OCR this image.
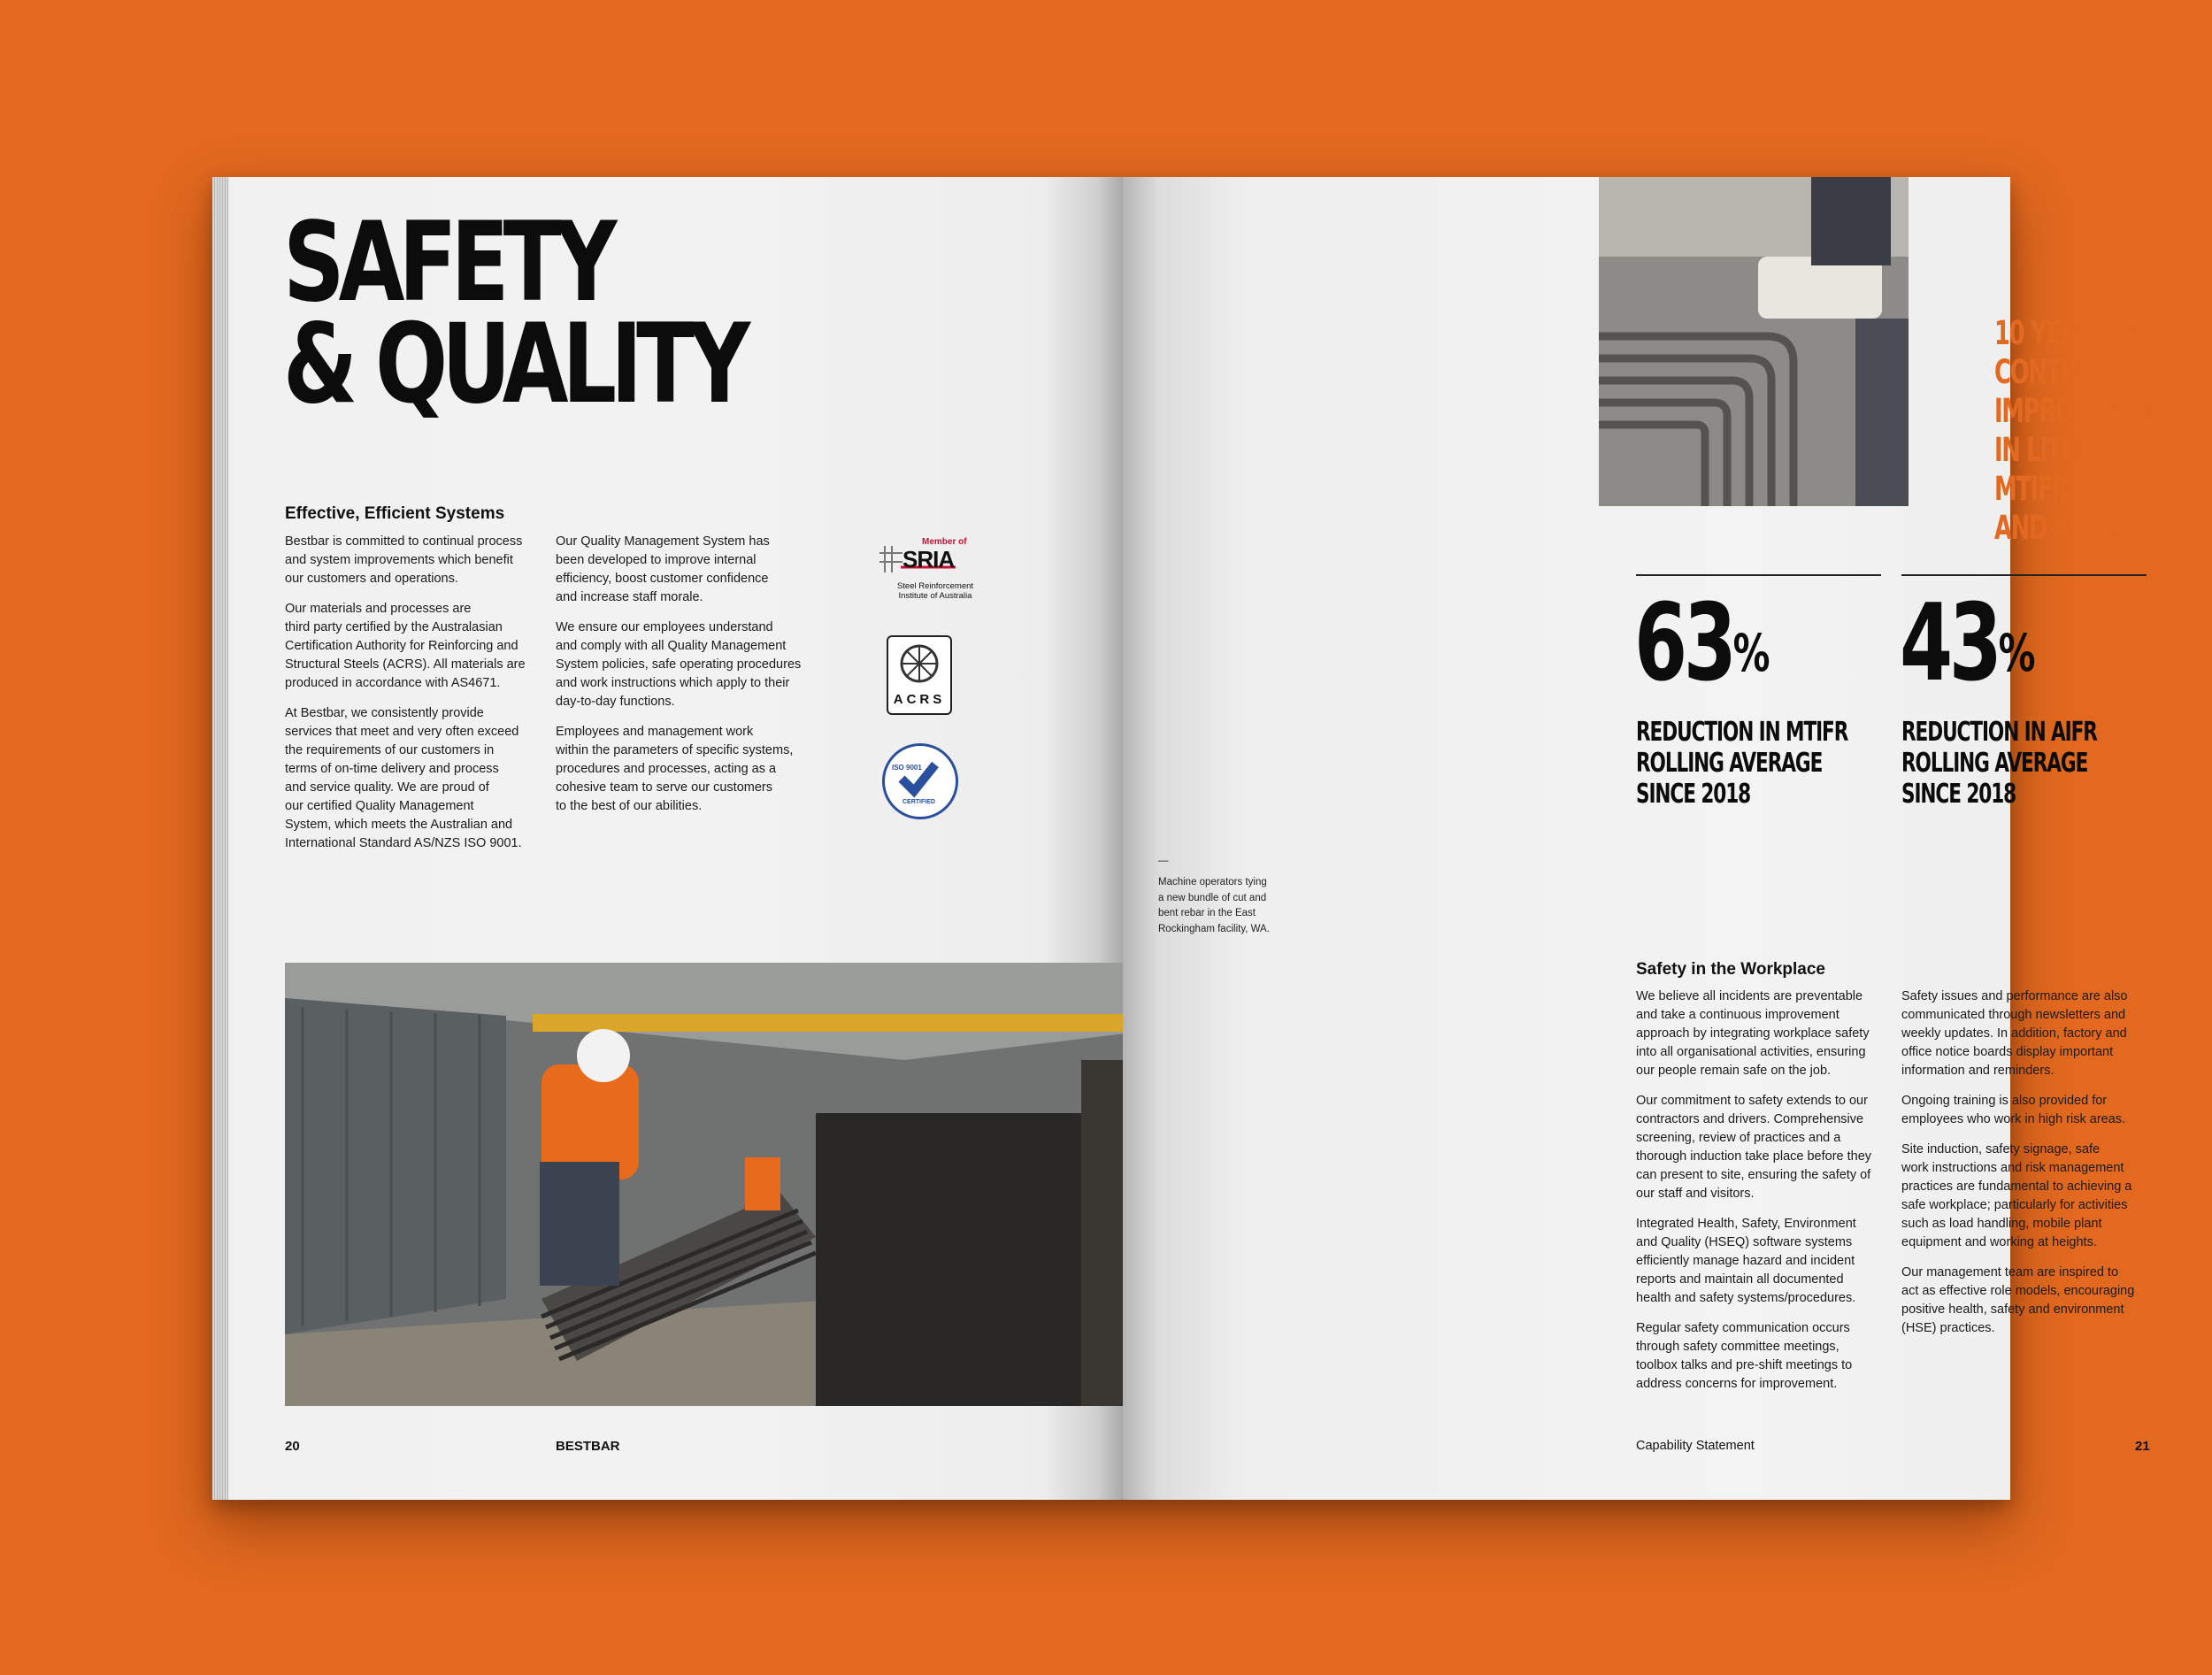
SAFETY
& QUALITY
Effective, Efficient Systems

Bestbar is committed to continual process
and system improvements which benefit
our customers and operations.

Our materials and processes are
third party certified by the Australasian
Certification Authority for Reinforcing and
Structural Steels (ACRS). All materials are
produced in accordance with AS4671.

At Bestbar, we consistently provide
services that meet and very often exceed
the requirements of our customers in
terms of on-time delivery and process
and service quality. We are proud of
our certified Quality Management
System, which meets the Australian and
International Standard AS/NZS ISO 9001.

Our Quality Management System has
been developed to improve internal
efficiency, boost customer confidence
and increase staff morale.

We ensure our employees understand
and comply with all Quality Management
System policies, safe operating procedures
and work instructions which apply to their
day-to-day functions.

Employees and management work
within the parameters of specific systems,
procedures and processes, acting as a
cohesive team to serve our customers
to the best of our abilities.

Member of
SRIA
Steel Reinforcement
Institute of Australia
ACRS
ISO 9001
CERTIFIED
20	BESTBAR
10 YEARS OF
CONTINUOUS
IMPROVEMENT
IN LITFR, MTIFR,
AND AIFR.
63%
REDUCTION IN MTIFR
ROLLING AVERAGE
SINCE 2018
43%
REDUCTION IN AIFR
ROLLING AVERAGE
SINCE 2018
—
Machine operators tying
a new bundle of cut and
bent rebar in the East
Rockingham facility, WA.
Safety in the Workplace

We believe all incidents are preventable
and take a continuous improvement
approach by integrating workplace safety
into all organisational activities, ensuring
our people remain safe on the job.

Our commitment to safety extends to our
contractors and drivers. Comprehensive
screening, review of practices and a
thorough induction take place before they
can present to site, ensuring the safety of
our staff and visitors.

Integrated Health, Safety, Environment
and Quality (HSEQ) software systems
efficiently manage hazard and incident
reports and maintain all documented
health and safety systems/procedures.

Regular safety communication occurs
through safety committee meetings,
toolbox talks and pre-shift meetings to
address concerns for improvement.

Safety issues and performance are also
communicated through newsletters and
weekly updates. In addition, factory and
office notice boards display important
information and reminders.

Ongoing training is also provided for
employees who work in high risk areas.

Site induction, safety signage, safe
work instructions and risk management
practices are fundamental to achieving a
safe workplace; particularly for activities
such as load handling, mobile plant
equipment and working at heights.

Our management team are inspired to
act as effective role models, encouraging
positive health, safety and environment
(HSE) practices.

Capability Statement	21
